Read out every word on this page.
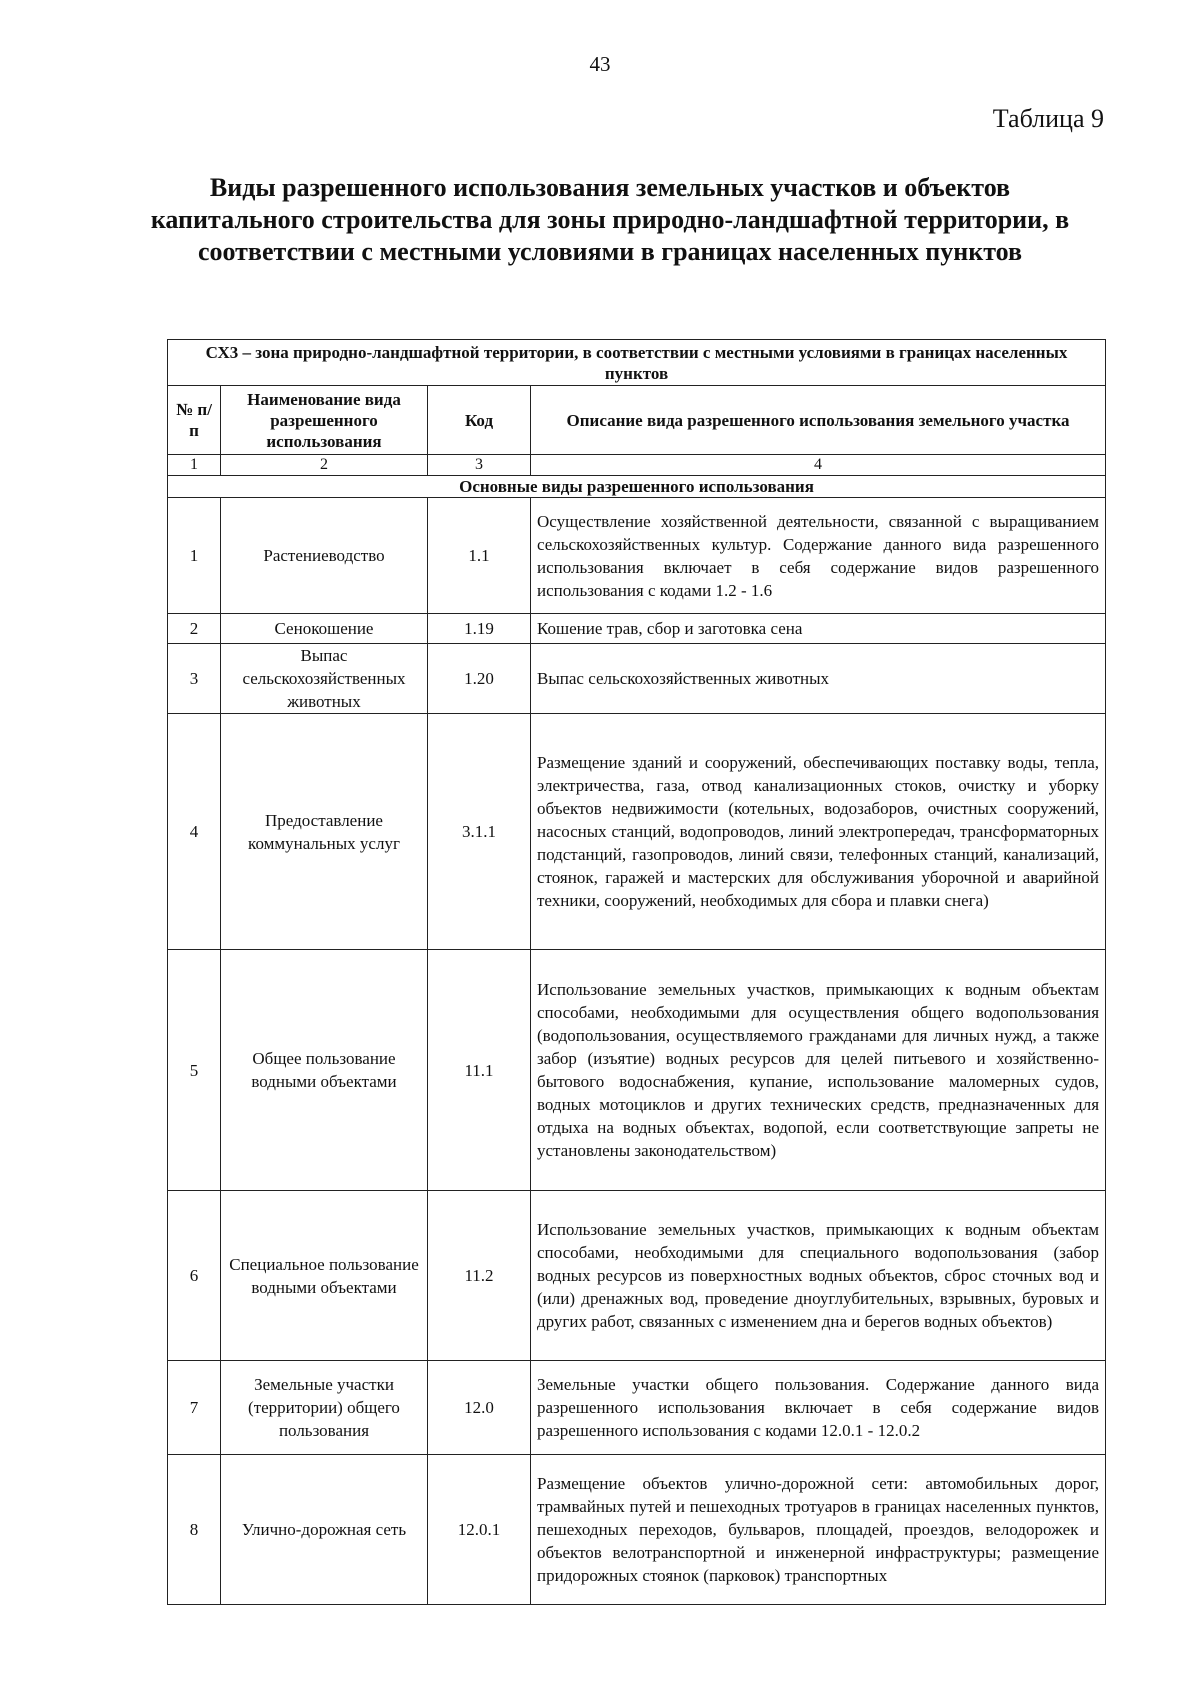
43
Таблица 9
Виды разрешенного использования земельных участков и объектов капитального строительства для зоны природно-ландшафтной территории, в соответствии с местными условиями в границах населенных пунктов
СХ3 – зона природно-ландшафтной территории, в соответствии с местными условиями в границах населенных пунктов			
№ п/п	Наименование вида разрешенного использования	Код	Описание вида разрешенного использования земельного участка
1	2	3	4
Основные виды разрешенного использования			
1	Растениеводство	1.1	Осуществление хозяйственной деятельности, связанной с выращиванием сельскохозяйственных культур. Содержание данного вида разрешенного использования включает в себя содержание видов разрешенного использования с кодами 1.2 - 1.6
2	Сенокошение	1.19	Кошение трав, сбор и заготовка сена
3	Выпас сельскохозяйственных животных	1.20	Выпас сельскохозяйственных животных
4	Предоставление коммунальных услуг	3.1.1	Размещение зданий и сооружений, обеспечивающих поставку воды, тепла, электричества, газа, отвод канализационных стоков, очистку и уборку объектов недвижимости (котельных, водозаборов, очистных сооружений, насосных станций, водопроводов, линий электропередач, трансформаторных подстанций, газопроводов, линий связи, телефонных станций, канализаций, стоянок, гаражей и мастерских для обслуживания уборочной и аварийной техники, сооружений, необходимых для сбора и плавки снега)
5	Общее пользование водными объектами	11.1	Использование земельных участков, примыкающих к водным объектам способами, необходимыми для осуществления общего водопользования (водопользования, осуществляемого гражданами для личных нужд, а также забор (изъятие) водных ресурсов для целей питьевого и хозяйственно-бытового водоснабжения, купание, использование маломерных судов, водных мотоциклов и других технических средств, предназначенных для отдыха на водных объектах, водопой, если соответствующие запреты не установлены законодательством)
6	Специальное пользование водными объектами	11.2	Использование земельных участков, примыкающих к водным объектам способами, необходимыми для специального водопользования (забор водных ресурсов из поверхностных водных объектов, сброс сточных вод и (или) дренажных вод, проведение дноуглубительных, взрывных, буровых и других работ, связанных с изменением дна и берегов водных объектов)
7	Земельные участки (территории) общего пользования	12.0	Земельные участки общего пользования. Содержание данного вида разрешенного использования включает в себя содержание видов разрешенного использования с кодами 12.0.1 - 12.0.2
8	Улично-дорожная сеть	12.0.1	Размещение объектов улично-дорожной сети: автомобильных дорог, трамвайных путей и пешеходных тротуаров в границах населенных пунктов, пешеходных переходов, бульваров, площадей, проездов, велодорожек и объектов велотранспортной и инженерной инфраструктуры; размещение придорожных стоянок (парковок) транспортных
